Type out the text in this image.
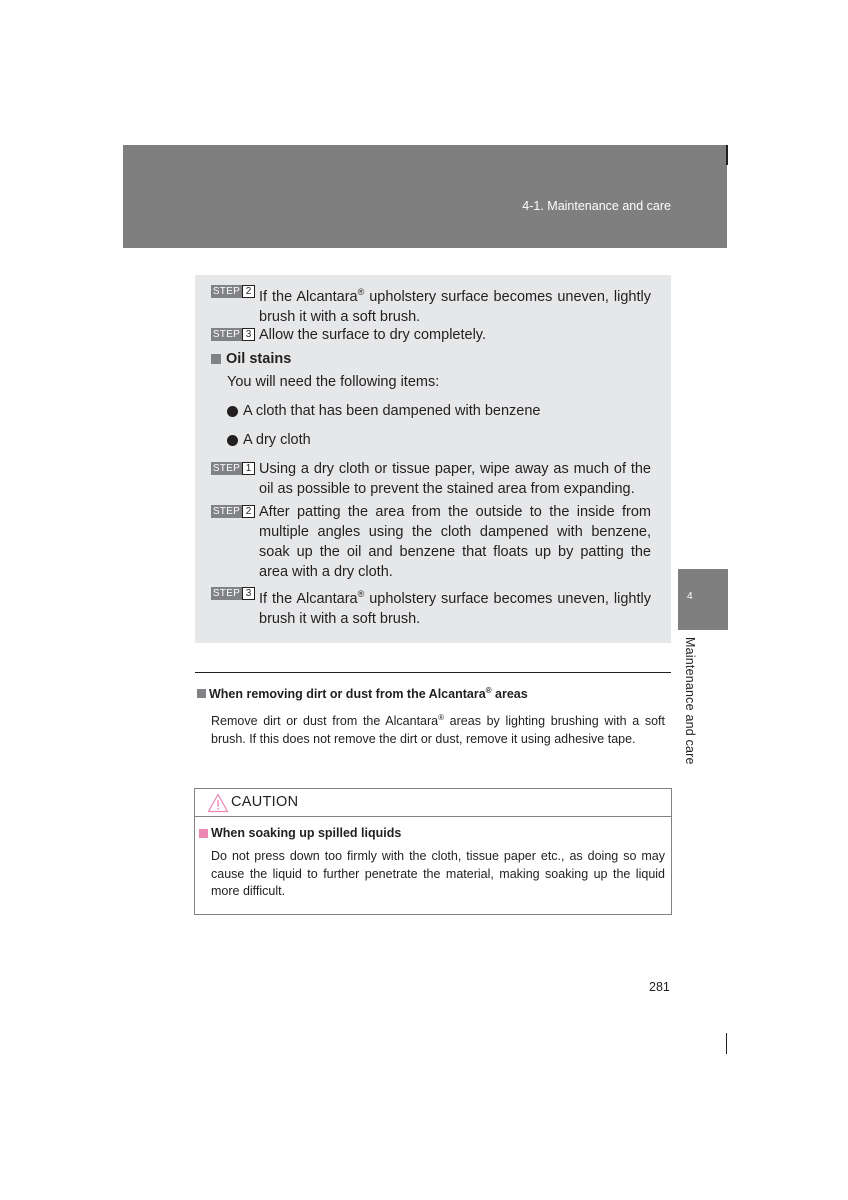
4-1. Maintenance and care
STEP 2 If the Alcantara® upholstery surface becomes uneven, lightly brush it with a soft brush.
STEP 3 Allow the surface to dry completely.
Oil stains
You will need the following items:
A cloth that has been dampened with benzene
A dry cloth
STEP 1 Using a dry cloth or tissue paper, wipe away as much of the oil as possible to prevent the stained area from expanding.
STEP 2 After patting the area from the outside to the inside from multiple angles using the cloth dampened with benzene, soak up the oil and benzene that floats up by patting the area with a dry cloth.
STEP 3 If the Alcantara® upholstery surface becomes uneven, lightly brush it with a soft brush.
When removing dirt or dust from the Alcantara® areas
Remove dirt or dust from the Alcantara® areas by lighting brushing with a soft brush. If this does not remove the dirt or dust, remove it using adhesive tape.
CAUTION
When soaking up spilled liquids
Do not press down too firmly with the cloth, tissue paper etc., as doing so may cause the liquid to further penetrate the material, making soaking up the liquid more difficult.
4
Maintenance and care
281
